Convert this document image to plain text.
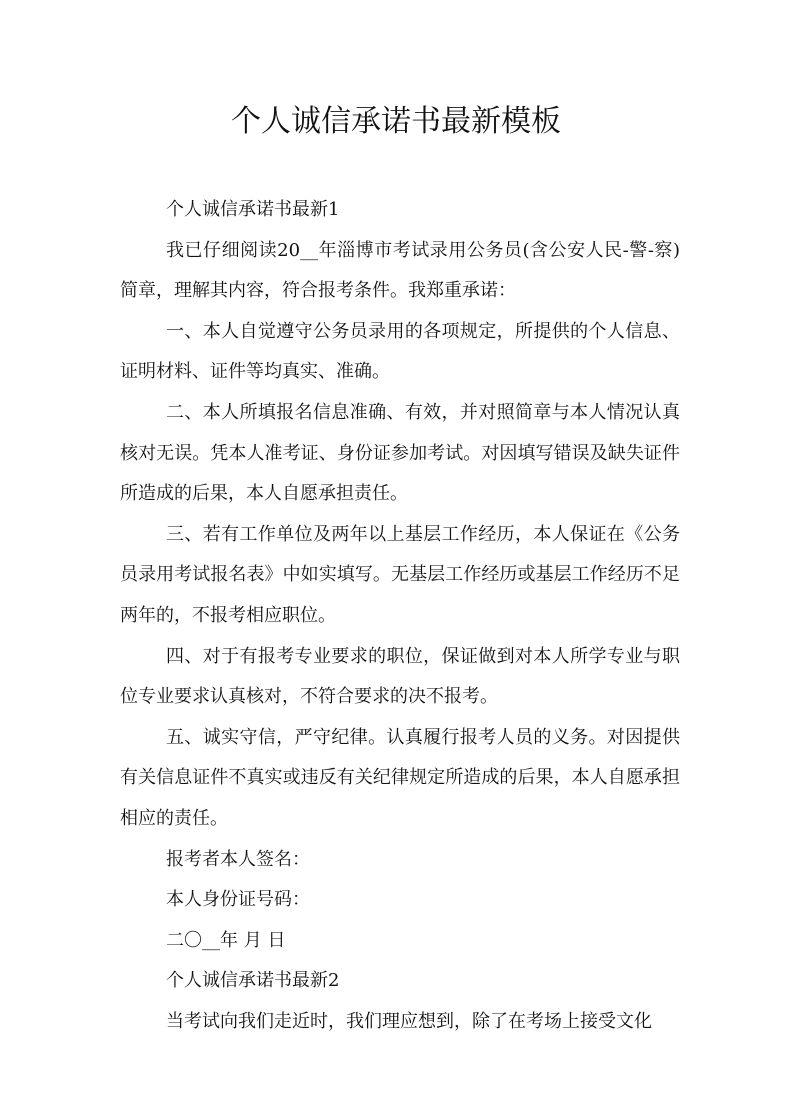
个人诚信承诺书最新模板

个人诚信承诺书最新1

我已仔细阅读20__年淄博市考试录用公务员(含公安人民-警-察)简章，理解其内容，符合报考条件。我郑重承诺：

一、本人自觉遵守公务员录用的各项规定，所提供的个人信息、证明材料、证件等均真实、准确。

二、本人所填报名信息准确、有效，并对照简章与本人情况认真核对无误。凭本人准考证、身份证参加考试。对因填写错误及缺失证件所造成的后果，本人自愿承担责任。

三、若有工作单位及两年以上基层工作经历，本人保证在《公务员录用考试报名表》中如实填写。无基层工作经历或基层工作经历不足两年的，不报考相应职位。

四、对于有报考专业要求的职位，保证做到对本人所学专业与职位专业要求认真核对，不符合要求的决不报考。

五、诚实守信，严守纪律。认真履行报考人员的义务。对因提供有关信息证件不真实或违反有关纪律规定所造成的后果，本人自愿承担相应的责任。

报考者本人签名：

本人身份证号码：

二〇__年 月 日

个人诚信承诺书最新2

当考试向我们走近时，我们理应想到，除了在考场上接受文化
